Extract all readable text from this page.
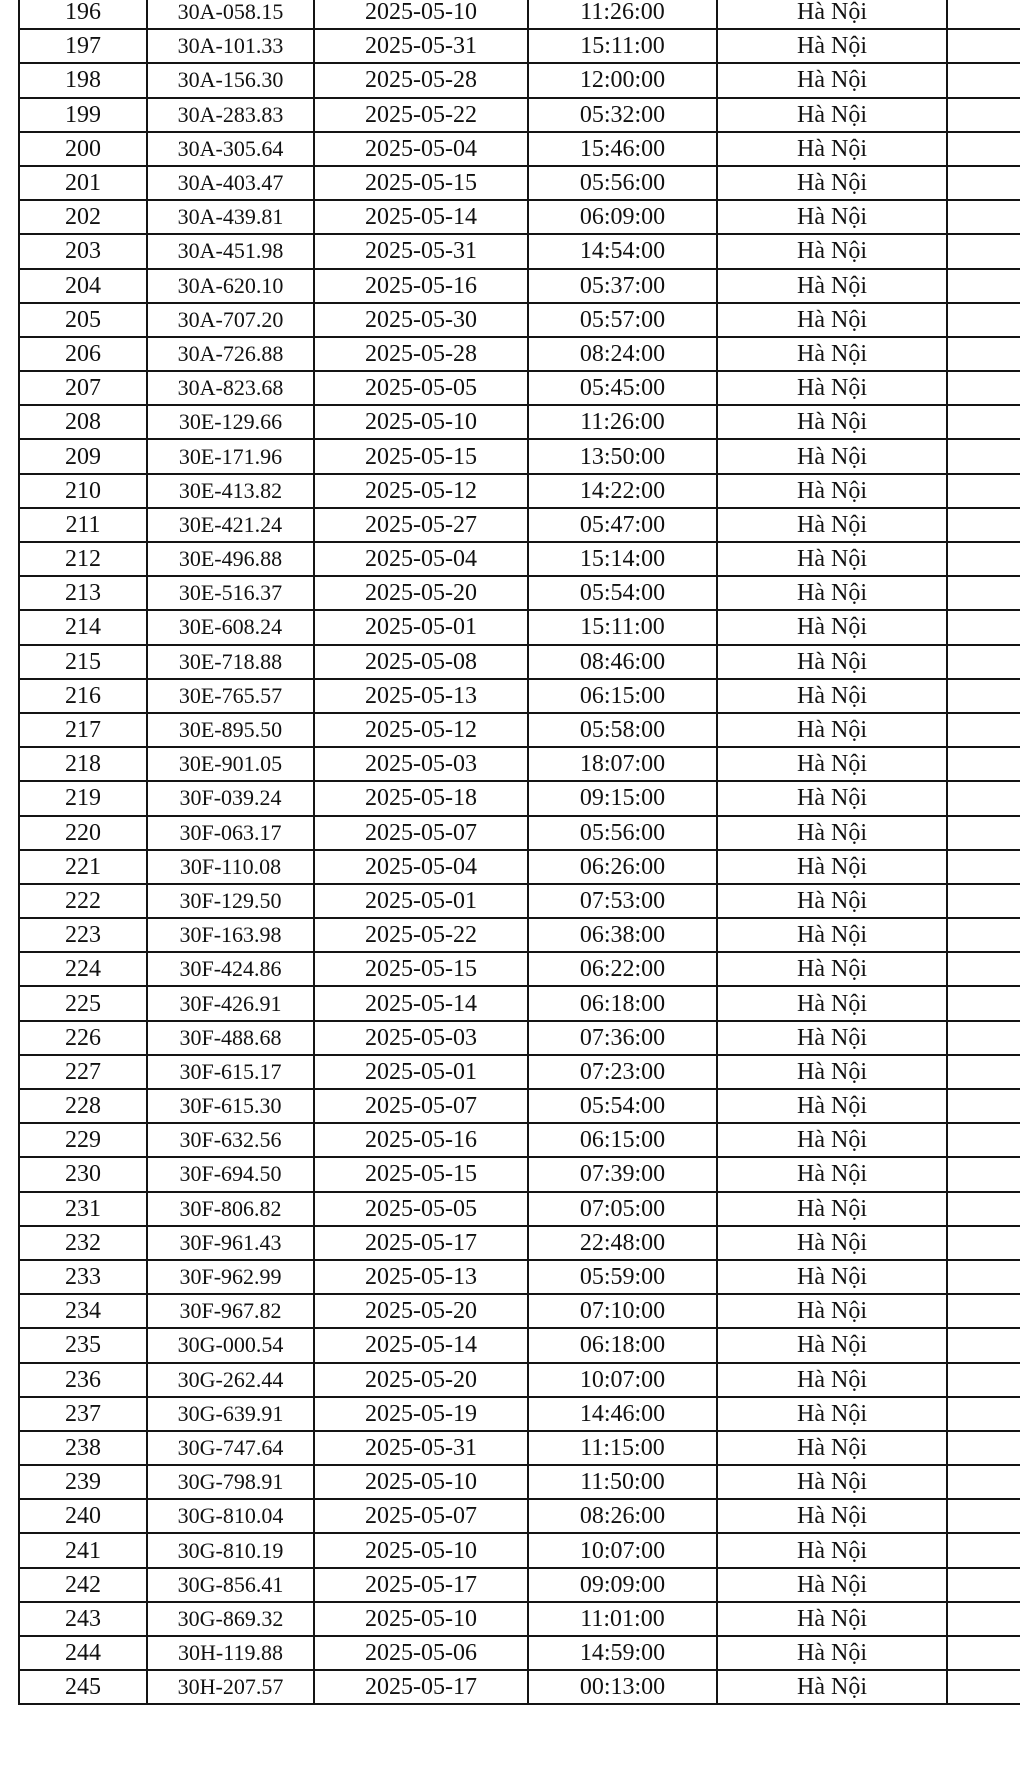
196	30A-058.15	2025-05-10	11:26:00	Hà Nội	
197	30A-101.33	2025-05-31	15:11:00	Hà Nội	
198	30A-156.30	2025-05-28	12:00:00	Hà Nội	
199	30A-283.83	2025-05-22	05:32:00	Hà Nội	
200	30A-305.64	2025-05-04	15:46:00	Hà Nội	
201	30A-403.47	2025-05-15	05:56:00	Hà Nội	
202	30A-439.81	2025-05-14	06:09:00	Hà Nội	
203	30A-451.98	2025-05-31	14:54:00	Hà Nội	
204	30A-620.10	2025-05-16	05:37:00	Hà Nội	
205	30A-707.20	2025-05-30	05:57:00	Hà Nội	
206	30A-726.88	2025-05-28	08:24:00	Hà Nội	
207	30A-823.68	2025-05-05	05:45:00	Hà Nội	
208	30E-129.66	2025-05-10	11:26:00	Hà Nội	
209	30E-171.96	2025-05-15	13:50:00	Hà Nội	
210	30E-413.82	2025-05-12	14:22:00	Hà Nội	
211	30E-421.24	2025-05-27	05:47:00	Hà Nội	
212	30E-496.88	2025-05-04	15:14:00	Hà Nội	
213	30E-516.37	2025-05-20	05:54:00	Hà Nội	
214	30E-608.24	2025-05-01	15:11:00	Hà Nội	
215	30E-718.88	2025-05-08	08:46:00	Hà Nội	
216	30E-765.57	2025-05-13	06:15:00	Hà Nội	
217	30E-895.50	2025-05-12	05:58:00	Hà Nội	
218	30E-901.05	2025-05-03	18:07:00	Hà Nội	
219	30F-039.24	2025-05-18	09:15:00	Hà Nội	
220	30F-063.17	2025-05-07	05:56:00	Hà Nội	
221	30F-110.08	2025-05-04	06:26:00	Hà Nội	
222	30F-129.50	2025-05-01	07:53:00	Hà Nội	
223	30F-163.98	2025-05-22	06:38:00	Hà Nội	
224	30F-424.86	2025-05-15	06:22:00	Hà Nội	
225	30F-426.91	2025-05-14	06:18:00	Hà Nội	
226	30F-488.68	2025-05-03	07:36:00	Hà Nội	
227	30F-615.17	2025-05-01	07:23:00	Hà Nội	
228	30F-615.30	2025-05-07	05:54:00	Hà Nội	
229	30F-632.56	2025-05-16	06:15:00	Hà Nội	
230	30F-694.50	2025-05-15	07:39:00	Hà Nội	
231	30F-806.82	2025-05-05	07:05:00	Hà Nội	
232	30F-961.43	2025-05-17	22:48:00	Hà Nội	
233	30F-962.99	2025-05-13	05:59:00	Hà Nội	
234	30F-967.82	2025-05-20	07:10:00	Hà Nội	
235	30G-000.54	2025-05-14	06:18:00	Hà Nội	
236	30G-262.44	2025-05-20	10:07:00	Hà Nội	
237	30G-639.91	2025-05-19	14:46:00	Hà Nội	
238	30G-747.64	2025-05-31	11:15:00	Hà Nội	
239	30G-798.91	2025-05-10	11:50:00	Hà Nội	
240	30G-810.04	2025-05-07	08:26:00	Hà Nội	
241	30G-810.19	2025-05-10	10:07:00	Hà Nội	
242	30G-856.41	2025-05-17	09:09:00	Hà Nội	
243	30G-869.32	2025-05-10	11:01:00	Hà Nội	
244	30H-119.88	2025-05-06	14:59:00	Hà Nội	
245	30H-207.57	2025-05-17	00:13:00	Hà Nội	
